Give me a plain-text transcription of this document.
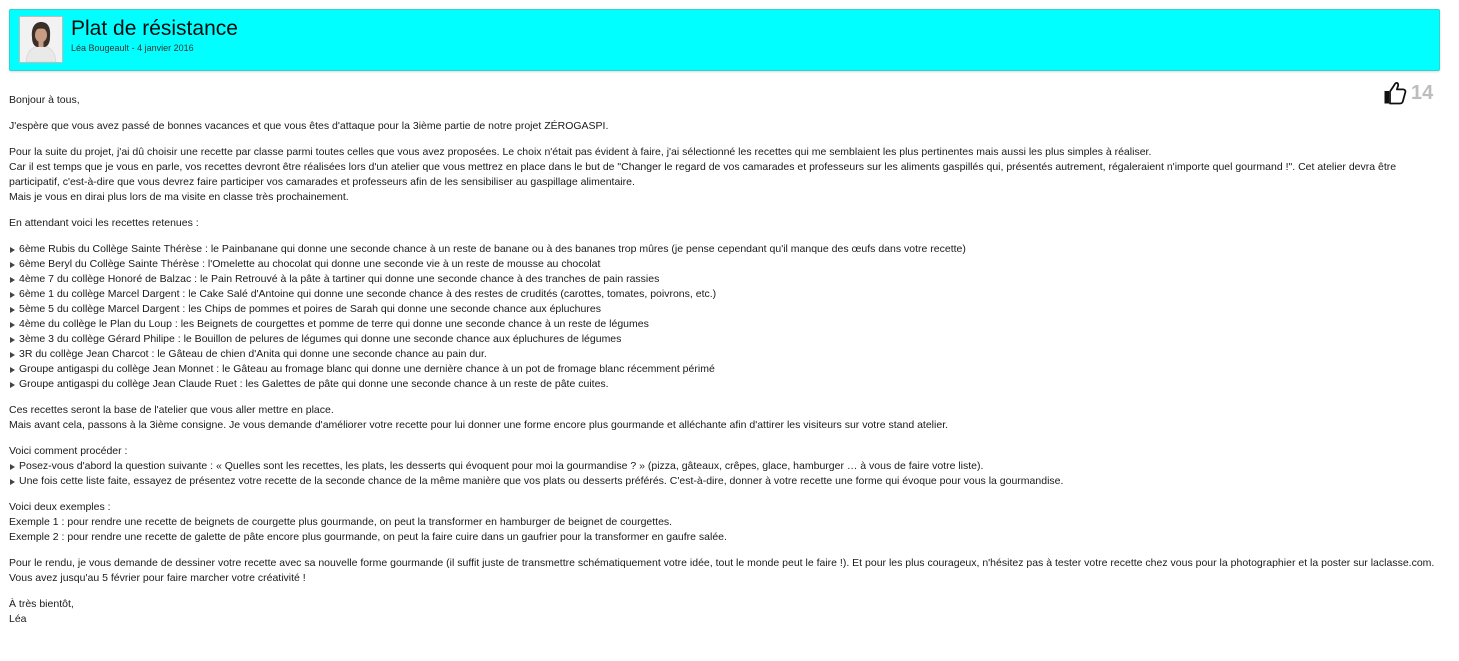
Plat de résistance
Léa Bougeault - 4 janvier 2016
14

Bonjour à tous,

J'espère que vous avez passé de bonnes vacances et que vous êtes d'attaque pour la 3ième partie de notre projet ZÉROGASPI.

Pour la suite du projet, j'ai dû choisir une recette par classe parmi toutes celles que vous avez proposées. Le choix n'était pas évident à faire, j'ai sélectionné les recettes qui me semblaient les plus pertinentes mais aussi les plus simples à réaliser.

Car il est temps que je vous en parle, vos recettes devront être réalisées lors d'un atelier que vous mettrez en place dans le but de "Changer le regard de vos camarades et professeurs sur les aliments gaspillés qui, présentés autrement, régaleraient n'importe quel gourmand !". Cet atelier devra être participatif, c'est-à-dire que vous devrez faire participer vos camarades et professeurs afin de les sensibiliser au gaspillage alimentaire.

Mais je vous en dirai plus lors de ma visite en classe très prochainement.

En attendant voici les recettes retenues :

6ème Rubis du Collège Sainte Thérèse : le Painbanane qui donne une seconde chance à un reste de banane ou à des bananes trop mûres (je pense cependant qu'il manque des œufs dans votre recette)
6ème Beryl du Collège Sainte Thérèse : l'Omelette au chocolat qui donne une seconde vie à un reste de mousse au chocolat
4ème 7 du collège Honoré de Balzac : le Pain Retrouvé à la pâte à tartiner qui donne une seconde chance à des tranches de pain rassies
6ème 1 du collège Marcel Dargent : le Cake Salé d'Antoine qui donne une seconde chance à des restes de crudités (carottes, tomates, poivrons, etc.)
5ème 5 du collège Marcel Dargent : les Chips de pommes et poires de Sarah qui donne une seconde chance aux épluchures
4ème du collège le Plan du Loup : les Beignets de courgettes et pomme de terre qui donne une seconde chance à un reste de légumes
3ème 3 du collège Gérard Philipe : le Bouillon de pelures de légumes qui donne une seconde chance aux épluchures de légumes
3R du collège Jean Charcot : le Gâteau de chien d'Anita qui donne une seconde chance au pain dur.
Groupe antigaspi du collège Jean Monnet : le Gâteau au fromage blanc qui donne une dernière chance à un pot de fromage blanc récemment périmé
Groupe antigaspi du collège Jean Claude Ruet : les Galettes de pâte qui donne une seconde chance à un reste de pâte cuites.

Ces recettes seront la base de l'atelier que vous aller mettre en place.

Mais avant cela, passons à la 3ième consigne. Je vous demande d'améliorer votre recette pour lui donner une forme encore plus gourmande et alléchante afin d'attirer les visiteurs sur votre stand atelier.

Voici comment procéder :

Posez-vous d'abord la question suivante : « Quelles sont les recettes, les plats, les desserts qui évoquent pour moi la gourmandise ? » (pizza, gâteaux, crêpes, glace, hamburger … à vous de faire votre liste).
Une fois cette liste faite, essayez de présentez votre recette de la seconde chance de la même manière que vos plats ou desserts préférés. C'est-à-dire, donner à votre recette une forme qui évoque pour vous la gourmandise.

Voici deux exemples :

Exemple 1 : pour rendre une recette de beignets de courgette plus gourmande, on peut la transformer en hamburger de beignet de courgettes.

Exemple 2 : pour rendre une recette de galette de pâte encore plus gourmande, on peut la faire cuire dans un gaufrier pour la transformer en gaufre salée.

Pour le rendu, je vous demande de dessiner votre recette avec sa nouvelle forme gourmande (il suffit juste de transmettre schématiquement votre idée, tout le monde peut le faire !). Et pour les plus courageux, n'hésitez pas à tester votre recette chez vous pour la photographier et la poster sur laclasse.com.

Vous avez jusqu'au 5 février pour faire marcher votre créativité !

À très bientôt,

Léa
